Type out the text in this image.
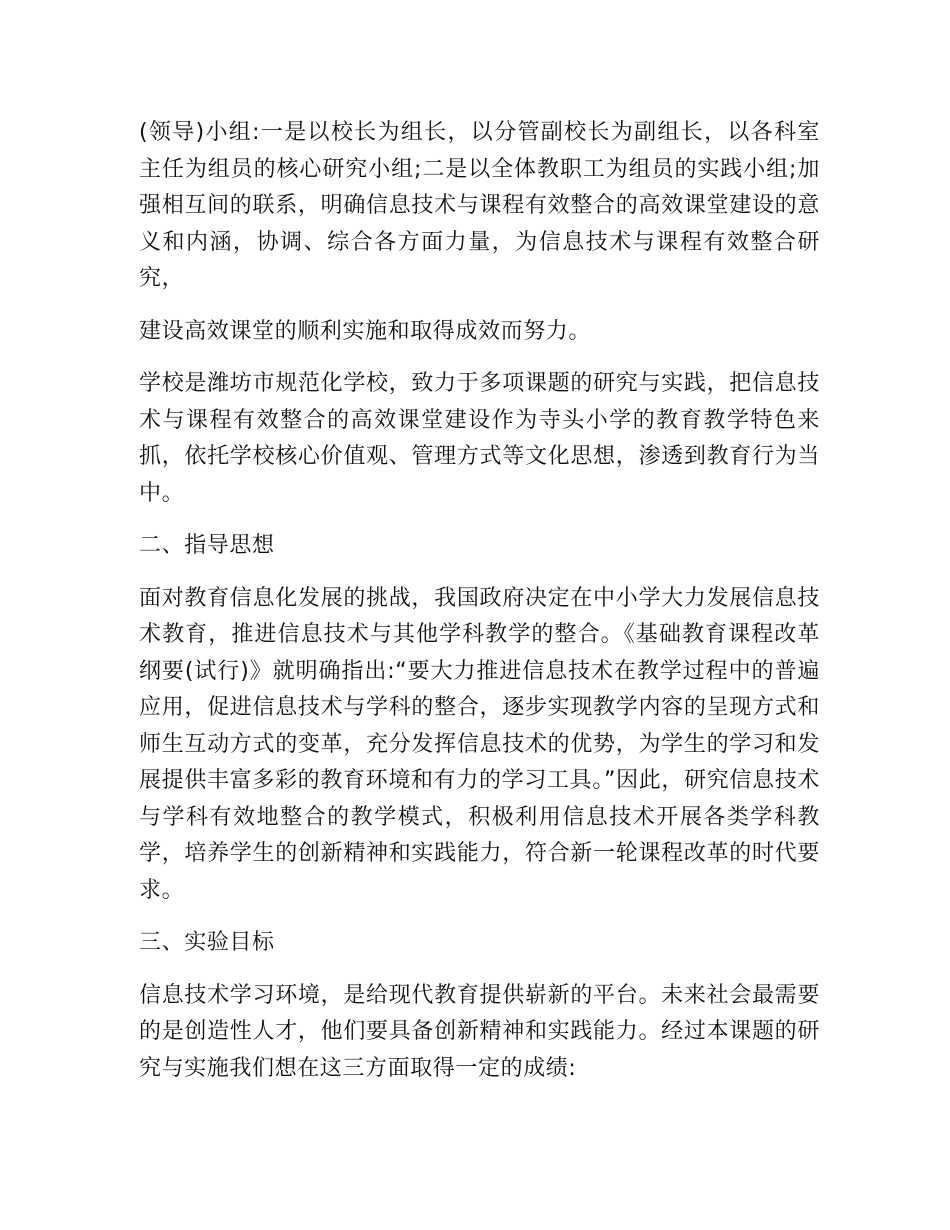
(领导)小组:一是以校长为组长，以分管副校长为副组长，以各科室主任为组员的核心研究小组;二是以全体教职工为组员的实践小组;加强相互间的联系，明确信息技术与课程有效整合的高效课堂建设的意义和内涵，协调、综合各方面力量，为信息技术与课程有效整合研究，

建设高效课堂的顺利实施和取得成效而努力。

学校是潍坊市规范化学校，致力于多项课题的研究与实践，把信息技术与课程有效整合的高效课堂建设作为寺头小学的教育教学特色来抓，依托学校核心价值观、管理方式等文化思想，渗透到教育行为当中。

二、指导思想

面对教育信息化发展的挑战，我国政府决定在中小学大力发展信息技术教育，推进信息技术与其他学科教学的整合。《基础教育课程改革纲要(试行)》就明确指出:“要大力推进信息技术在教学过程中的普遍应用，促进信息技术与学科的整合，逐步实现教学内容的呈现方式和师生互动方式的变革，充分发挥信息技术的优势，为学生的学习和发展提供丰富多彩的教育环境和有力的学习工具。”因此，研究信息技术与学科有效地整合的教学模式，积极利用信息技术开展各类学科教学，培养学生的创新精神和实践能力，符合新一轮课程改革的时代要求。

三、实验目标

信息技术学习环境，是给现代教育提供崭新的平台。未来社会最需要的是创造性人才，他们要具备创新精神和实践能力。经过本课题的研究与实施我们想在这三方面取得一定的成绩:
